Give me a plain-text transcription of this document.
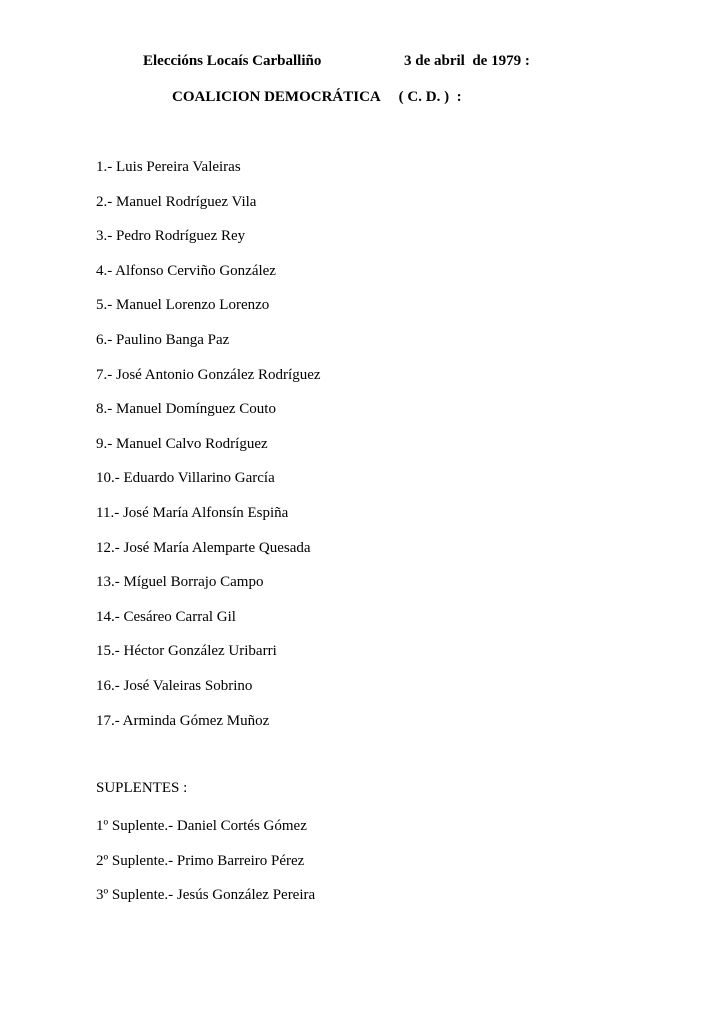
Eleccións Locaís Carballiño	3 de abril  de 1979 :
COALICION DEMOCRÁTICA     ( C. D. )  :
1.- Luis Pereira Valeiras
2.- Manuel Rodríguez Vila
3.- Pedro Rodríguez Rey
4.- Alfonso Cerviño González
5.- Manuel Lorenzo Lorenzo
6.- Paulino Banga Paz
7.- José Antonio González Rodríguez
8.- Manuel Domínguez Couto
9.- Manuel Calvo Rodríguez
10.- Eduardo Villarino García
11.- José María Alfonsín Espiña
12.- José María Alemparte Quesada
13.- Míguel Borrajo Campo
14.- Cesáreo Carral Gil
15.- Héctor González Uribarri
16.- José Valeiras Sobrino
17.- Arminda Gómez Muñoz
SUPLENTES :
1º Suplente.- Daniel Cortés Gómez
2º Suplente.- Primo Barreiro Pérez
3º Suplente.- Jesús González Pereira
